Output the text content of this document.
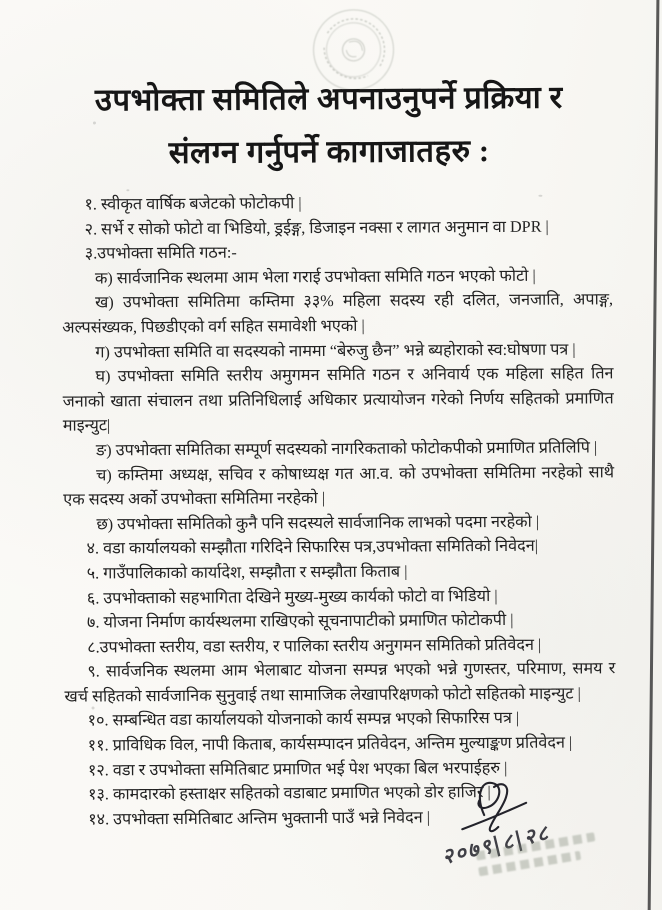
उपभोक्ता समितिले अपनाउनुपर्ने प्रक्रिया र
संलग्न गर्नुपर्ने कागाजातहरु :

१. स्वीकृत वार्षिक बजेटको फोटोकपी |

२. सर्भे र सोको फोटो वा भिडियो, ड्रईङ्ग, डिजाइन नक्सा र लागत अनुमान वा DPR |

३.उपभोक्ता समिति गठन:-

क) सार्वजानिक स्थलमा आम भेला गराई उपभोक्ता समिति गठन भएको फोटो |

ख) उपभोक्ता समितिमा कम्तिमा ३३% महिला सदस्य रही दलित, जनजाति, अपाङ्ग, अल्पसंख्यक, पिछडीएको वर्ग सहित समावेशी भएको |

ग) उपभोक्ता समिति वा सदस्यको नाममा “बेरुजु छैन” भन्ने ब्यहोराको स्व:घोषणा पत्र |

घ) उपभोक्ता समिति स्तरीय अमुगमन समिति गठन र अनिवार्य एक महिला सहित तिन जनाको खाता संचालन तथा प्रतिनिधिलाई अधिकार प्रत्यायोजन गरेको निर्णय सहितको प्रमाणित माइन्युट|

ङ) उपभोक्ता समितिका सम्पूर्ण सदस्यको नागरिकताको फोटोकपीको प्रमाणित प्रतिलिपि |

च) कम्तिमा अध्यक्ष, सचिव र कोषाध्यक्ष गत आ.व. को उपभोक्ता समितिमा नरहेको साथै एक सदस्य अर्को उपभोक्ता समितिमा नरहेको |

छ) उपभोक्ता समितिको कुनै पनि सदस्यले सार्वजानिक लाभको पदमा नरहेको |

४. वडा कार्यालयको सम्झौता गरिदिने सिफारिस पत्र,उपभोक्ता समितिको निवेदन|

५. गाउँपालिकाको कार्यादेश, सम्झौता र सम्झौता किताब |

६. उपभोक्ताको सहभागिता देखिने मुख्य-मुख्य कार्यको फोटो वा भिडियो |

७. योजना निर्माण कार्यस्थलमा राखिएको सूचनापाटीको प्रमाणित फोटोकपी |

८.उपभोक्ता स्तरीय, वडा स्तरीय, र पालिका स्तरीय अनुगमन समितिको प्रतिवेदन |

९. सार्वजनिक स्थलमा आम भेलाबाट योजना सम्पन्न भएको भन्ने गुणस्तर, परिमाण, समय र खर्च सहितको सार्वजानिक सुनुवाई तथा सामाजिक लेखापरिक्षणको फोटो सहितको माइन्युट |

१०. सम्बन्धित वडा कार्यालयको योजनाको कार्य सम्पन्न भएको सिफारिस पत्र |

११. प्राविधिक विल, नापी किताब, कार्यसम्पादन प्रतिवेदन, अन्तिम मुल्याङ्कण प्रतिवेदन |

१२. वडा र उपभोक्ता समितिबाट प्रमाणित भई पेश भएका बिल भरपाईहरु |

१३. कामदारको हस्ताक्षर सहितको वडाबाट प्रमाणित भएको डोर हाजिर |

१४. उपभोक्ता समितिबाट अन्तिम भुक्तानी पाउँ भन्ने निवेदन |

२०७९|८|२८
